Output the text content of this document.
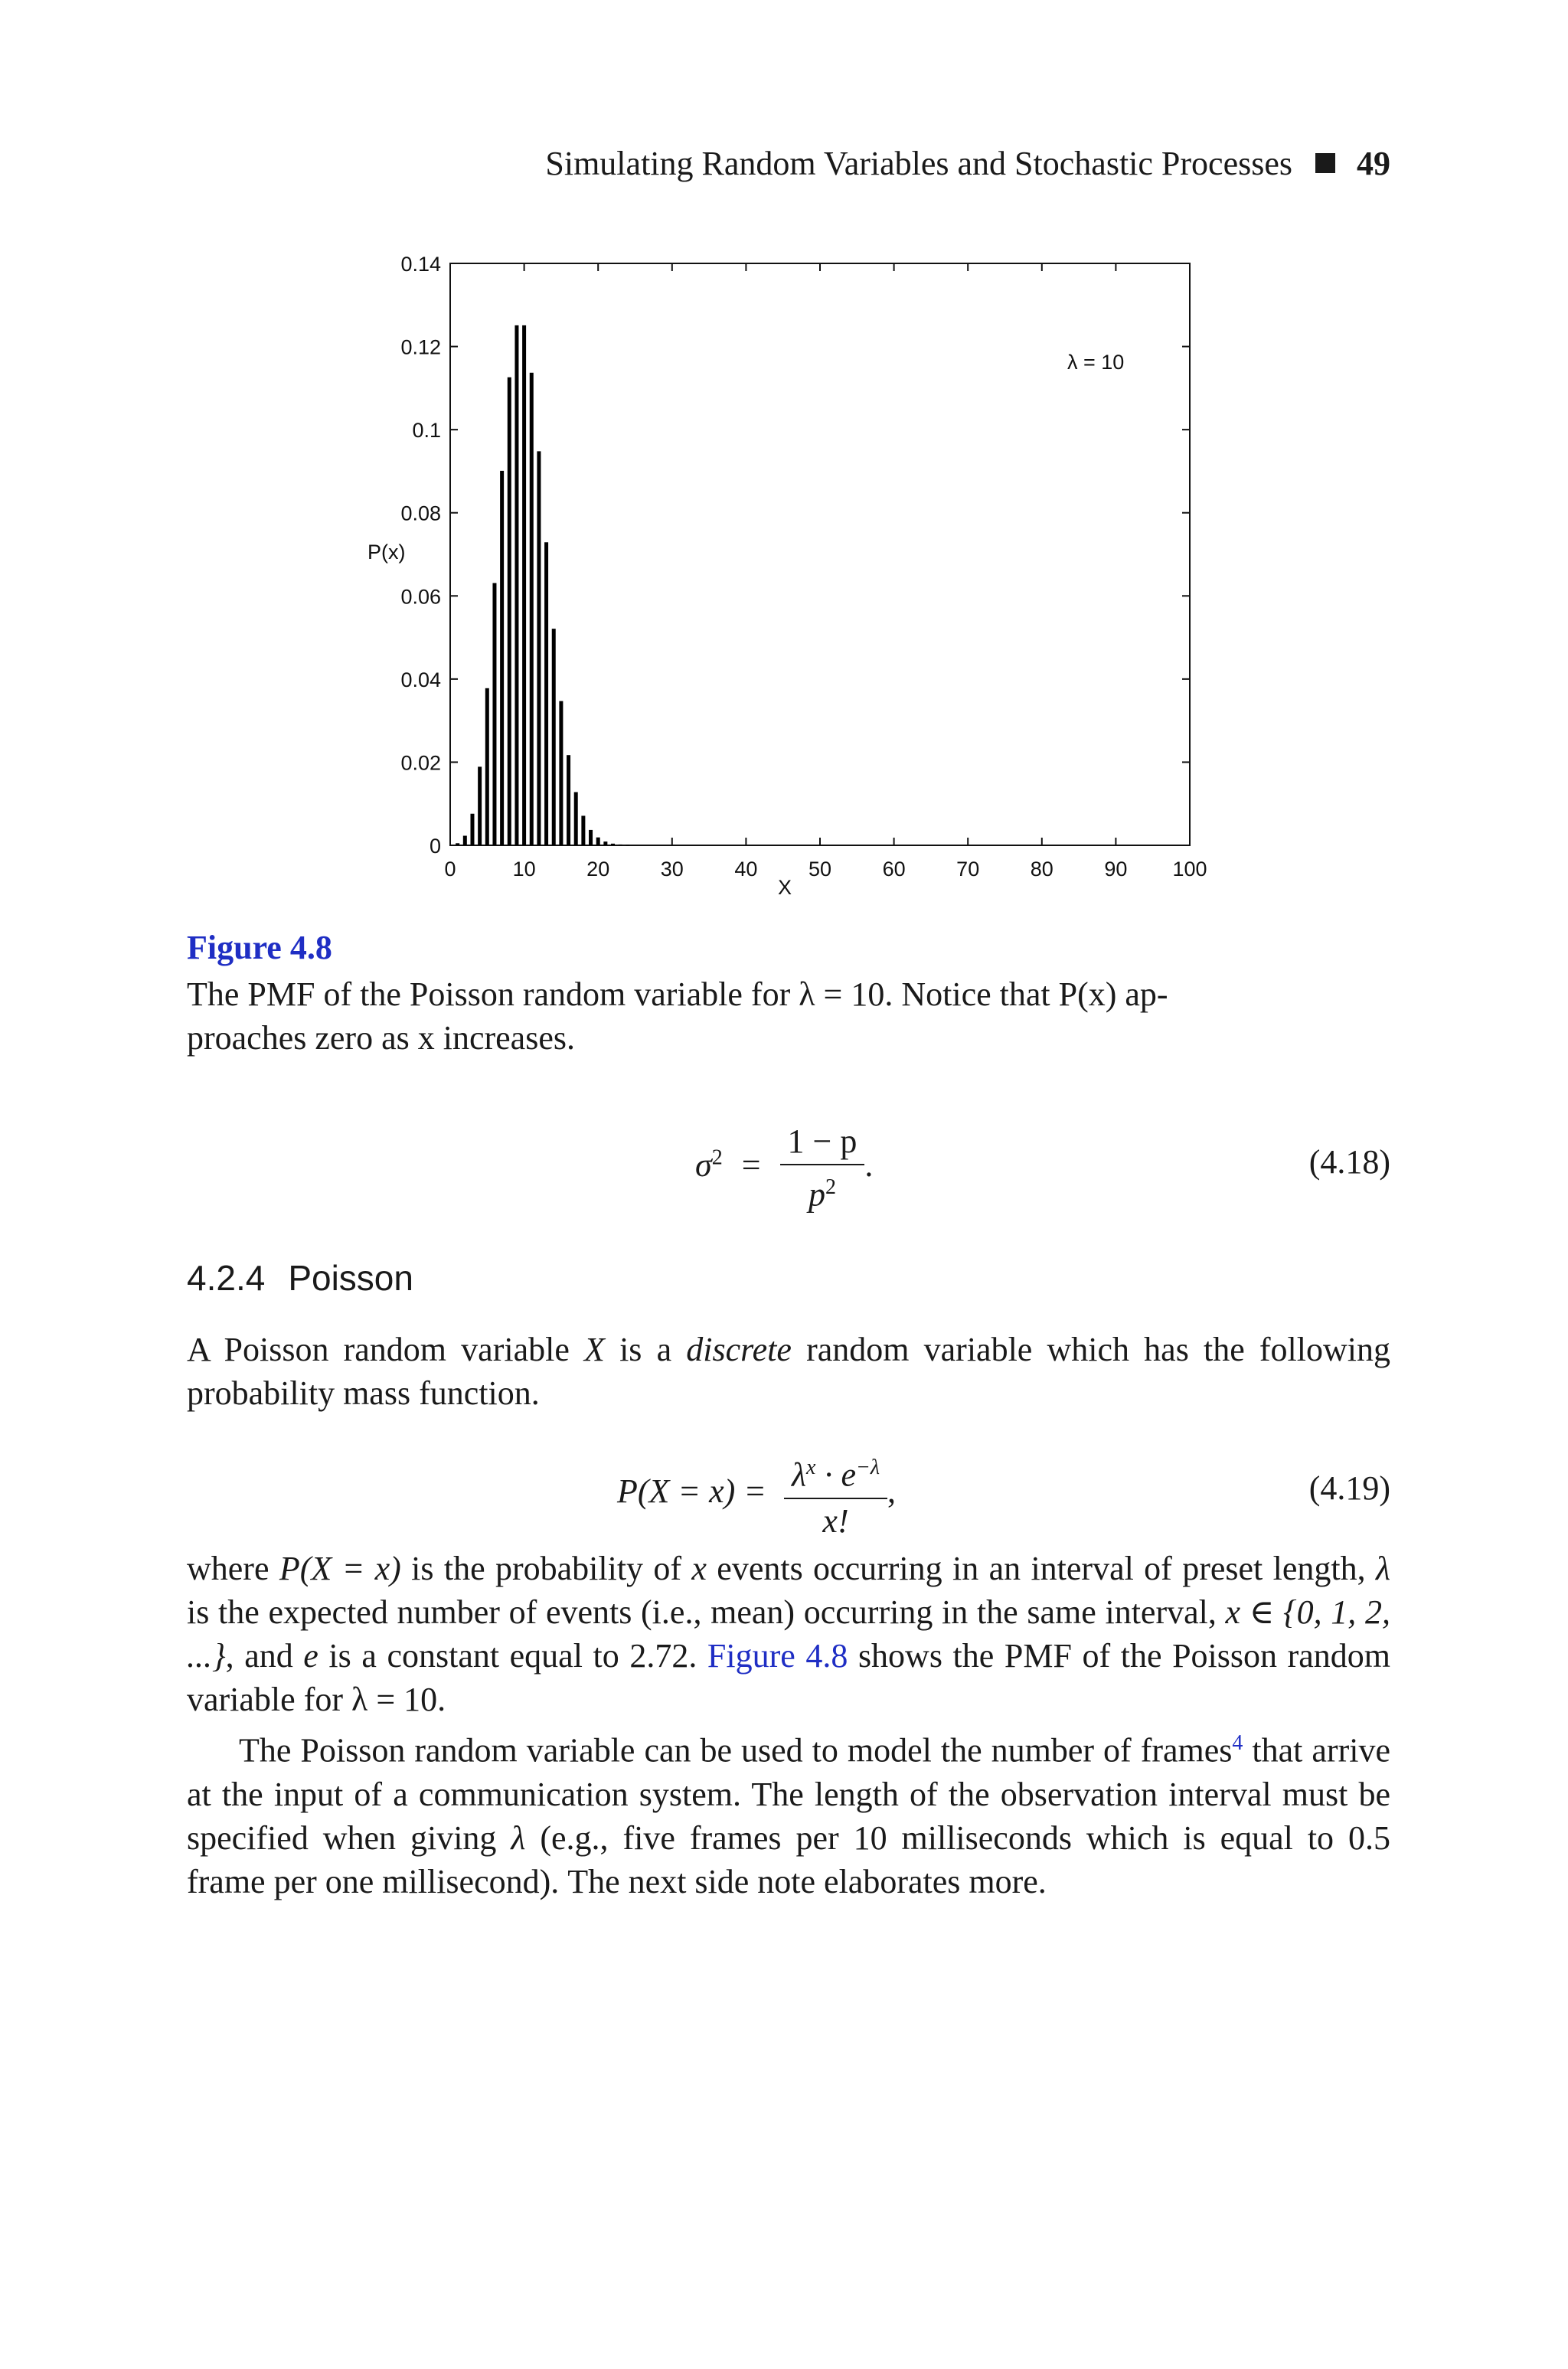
Simulating Random Variables and Stochastic Processes 49
0	10 20 30 40 50 60 70 80 90 100
0
0.02
0.04
0.06
0.08
0.1
0.12
0.14
P(x)
X
λ = 10
Figure 4.8
The PMF of the Poisson random variable for λ = 10. Notice that P(x) ap-
proaches zero as x increases.
$\sigma^2 = \frac{1 - p}{p^2}$ .	(4.18)
4.2.4 Poisson
A Poisson random variable X is a discrete random variable which has the following probability mass function.
$P(X = x) = \frac{\lambda^x \cdot e^{-\lambda}}{x!}$ ,	(4.19)
where P(X = x) is the probability of x events occurring in an interval of preset length, λ is the expected number of events (i.e., mean) occurring in the same interval, x ∈ {0, 1, 2, ...}, and e is a constant equal to 2.72. Figure 4.8 shows the PMF of the Poisson random variable for λ = 10.
The Poisson random variable can be used to model the number of frames$^4$ that arrive at the input of a communication system. The length of the observation interval must be specified when giving λ (e.g., five frames per 10 milliseconds which is equal to 0.5 frame per one millisecond). The next side note elaborates more.
